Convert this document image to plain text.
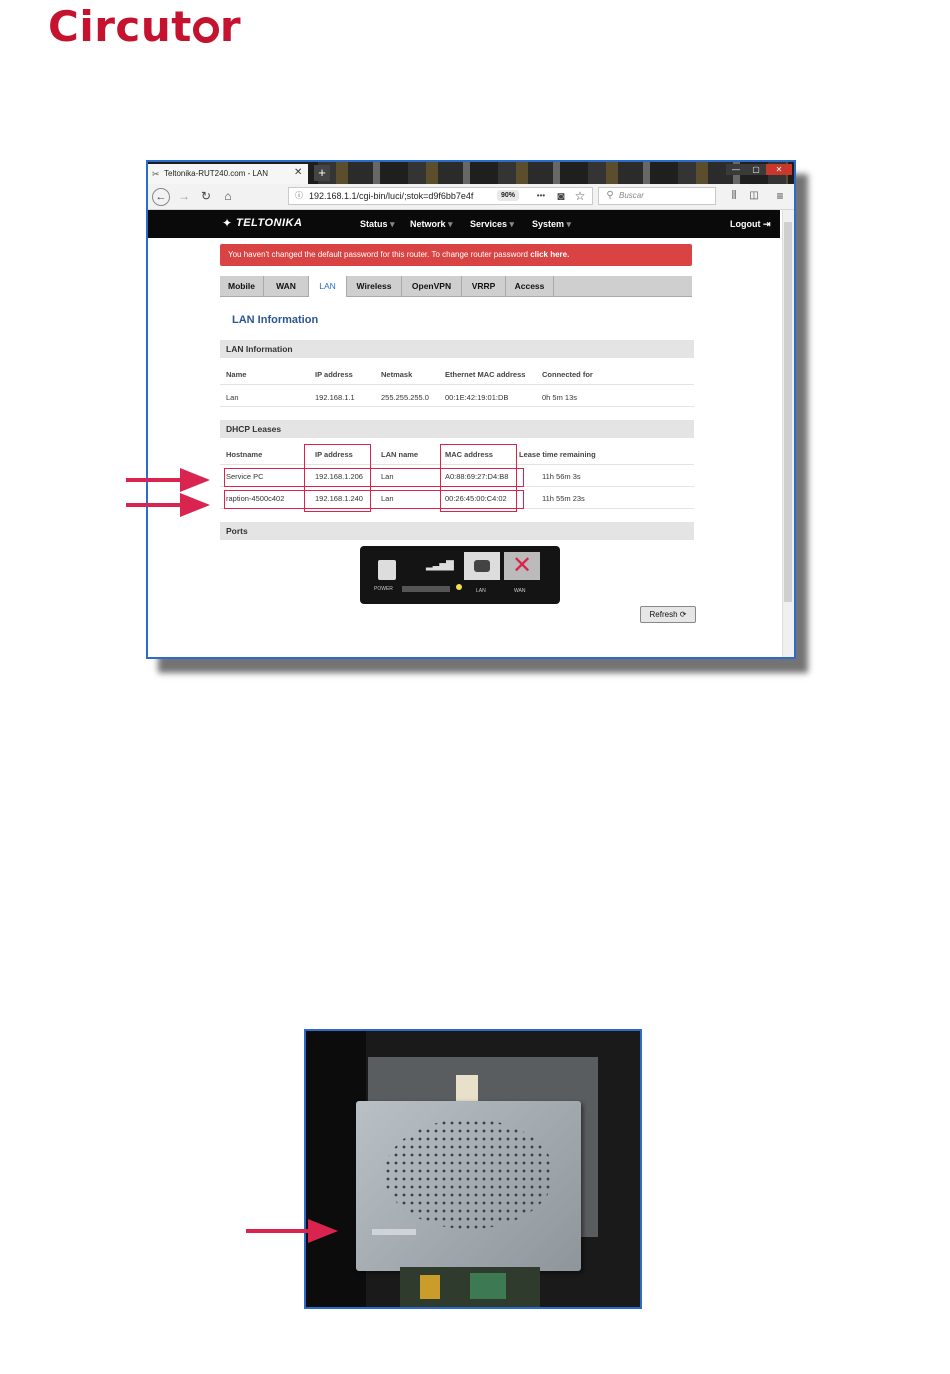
Circut r
✂ Teltonika-RUT240.com - LAN	✕	+	—	▢	✕
← → ↻	⌂	192.168.1.1/cgi-bin/luci/;stok=d9f6bb7e4f
ⓘ	90%	•••	◙ ☆	Buscar
⚲	⫼	◫	≡
✦ TELTONIKA	Status ▾ Network ▾ Services ▾ System ▾	Logout ⇥
You haven't changed the default password for this router. To change router password click here.
Mobile	WAN	LAN	Wireless	OpenVPN	VRRP	Access
LAN Information
LAN Information
Name	IP address	Netmask	Ethernet MAC address Connected for
Lan	192.168.1.1	255.255.255.0 00:1E:42:19:01:DB	0h 5m 13s
DHCP Leases
Hostname	IP address	LAN name	MAC address	Lease time remaining
Service PC	192.168.1.206 Lan	A0:88:69:27:D4:B8	11h 56m 3s
raption-4500c402	192.168.1.240 Lan	00:26:45:00:C4:02	11h 55m 23s
Ports
POWER
▂▃▅▇
LAN
✕
WAN
Refresh ⟳
